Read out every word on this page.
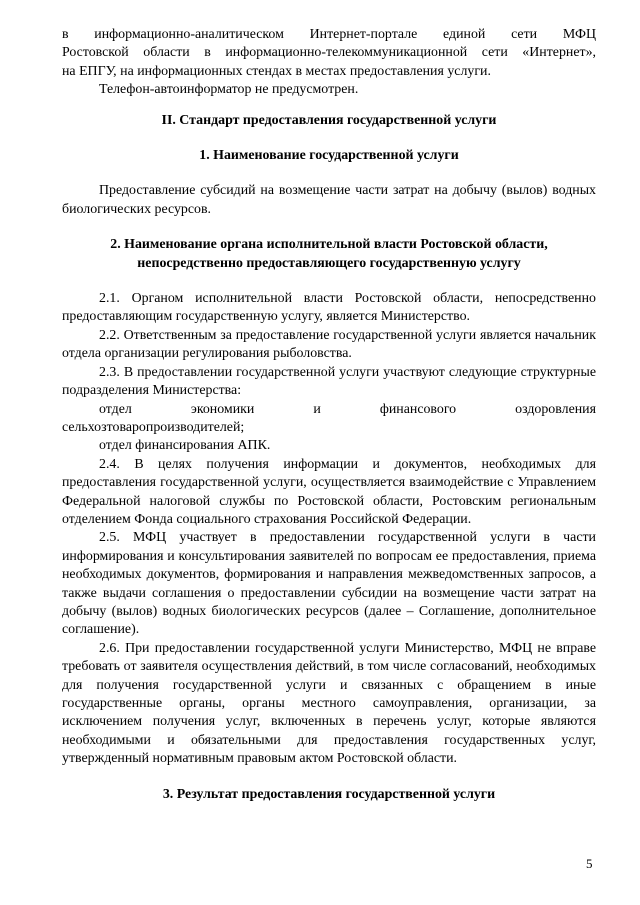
в информационно-аналитическом Интернет-портале единой сети МФЦ

Ростовской области в информационно-телекоммуникационной сети «Интернет»,

на ЕПГУ, на информационных стендах в местах предоставления услуги.

Телефон-автоинформатор не предусмотрен.

II. Стандарт предоставления государственной услуги

1. Наименование государственной услуги

Предоставление субсидий на возмещение части затрат на добычу (вылов) водных биологических ресурсов.

2. Наименование органа исполнительной власти Ростовской области,

непосредственно предоставляющего государственную услугу

2.1. Органом исполнительной власти Ростовской области, непосредственно предоставляющим государственную услугу, является Министерство.

2.2. Ответственным за предоставление государственной услуги является начальник отдела организации регулирования рыболовства.

2.3. В предоставлении государственной услуги участвуют следующие структурные подразделения Министерства:

отдел экономики и финансового оздоровления

сельхозтоваропроизводителей;

отдел финансирования АПК.

2.4. В целях получения информации и документов, необходимых для предоставления государственной услуги, осуществляется взаимодействие с Управлением Федеральной налоговой службы по Ростовской области, Ростовским региональным отделением Фонда социального страхования Российской Федерации.

2.5. МФЦ участвует в предоставлении государственной услуги в части информирования и консультирования заявителей по вопросам ее предоставления, приема необходимых документов, формирования и направления межведомственных запросов, а также выдачи соглашения о предоставлении субсидии на возмещение части затрат на добычу (вылов) водных биологических ресурсов (далее – Соглашение, дополнительное соглашение).

2.6. При предоставлении государственной услуги Министерство, МФЦ не вправе требовать от заявителя осуществления действий, в том числе согласований, необходимых для получения государственной услуги и связанных с обращением в иные государственные органы, органы местного самоуправления, организации, за исключением получения услуг, включенных в перечень услуг, которые являются необходимыми и обязательными для предоставления государственных услуг, утвержденный нормативным правовым актом Ростовской области.

3. Результат предоставления государственной услуги

5
